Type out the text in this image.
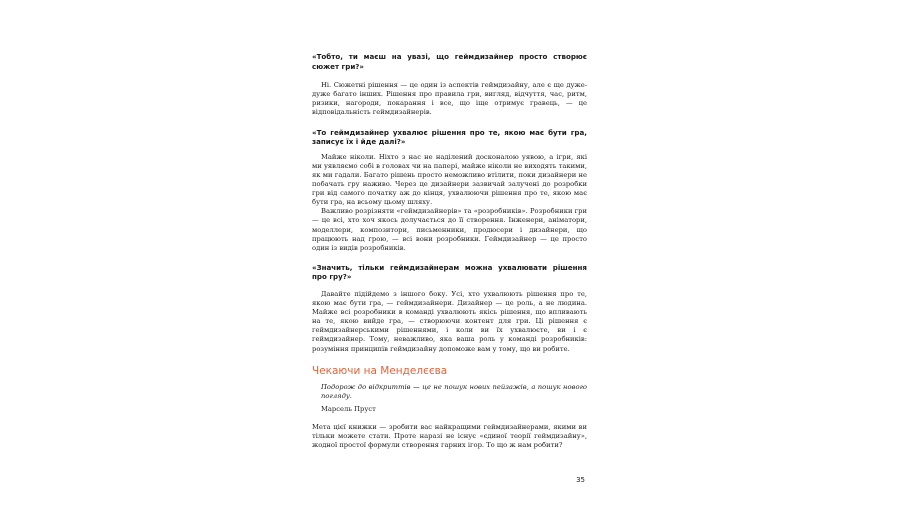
«Тобто, ти маєш на увазі, що геймдизайнер просто створює сюжет гри?»

Ні. Сюжетні рішення — це один із аспектів геймдизайну, але є ще дуже-дуже багато інших. Рішення про правила гри, вигляд, відчуття, час, ритм, ризики, нагороди, покарання і все, що іще отримує гравець, — це відповідальність геймдизайнерів.

«То геймдизайнер ухвалює рішення про те, якою має бути гра, записує їх і йде далі?»

Майже ніколи. Ніхто з нас не наділений досконалою уявою, а ігри, які ми уявляємо собі в головах чи на папері, майже ніколи не виходять такими, як ми гадали. Багато рішень просто неможливо втілити, поки дизайнери не побачать гру наживо. Через це дизайнери зазвичай залучені до розробки гри від самого початку аж до кінця, ухвалюючи рішення про те, якою має бути гра, на всьому цьому шляху.

Важливо розрізняти «геймдизайнерів» та «розробників». Розробники гри — це всі, хто хоч якось долучається до її створення. Інженери, аніматори, моделлери, композитори, письменники, продюсери і дизайнери, що працюють над грою, — всі вони розробники. Геймдизайнер — це просто один із видів розробників.

«Значить, тільки геймдизайнерам можна ухвалювати рішення про гру?»

Давайте підійдемо з іншого боку. Усі, хто ухвалюють рішення про те, якою має бути гра, — геймдизайнери. Дизайнер — це роль, а не людина. Майже всі розробники в команді ухвалюють якісь рішення, що впливають на те, якою вийде гра, — створюючи контент для гри. Ці рішення є геймдизайнерськими рішеннями, і коли ви їх ухвалюєте, ви і є геймдизайнер. Тому, неважливо, яка ваша роль у команді розробників: розуміння принципів геймдизайну допоможе вам у тому, що ви робите.

Чекаючи на Менделєєва

Подорож до відкриттів — це не пошук нових пейзажів, а пошук нового погляду.

Марсель Пруст

Мета цієї книжки — зробити вас найкращими геймдизайнерами, якими ви тільки можете стати. Проте наразі не існує «єдиної теорії геймдизайну», жодної простої формули створення гарних ігор. То що ж нам робити?

35
